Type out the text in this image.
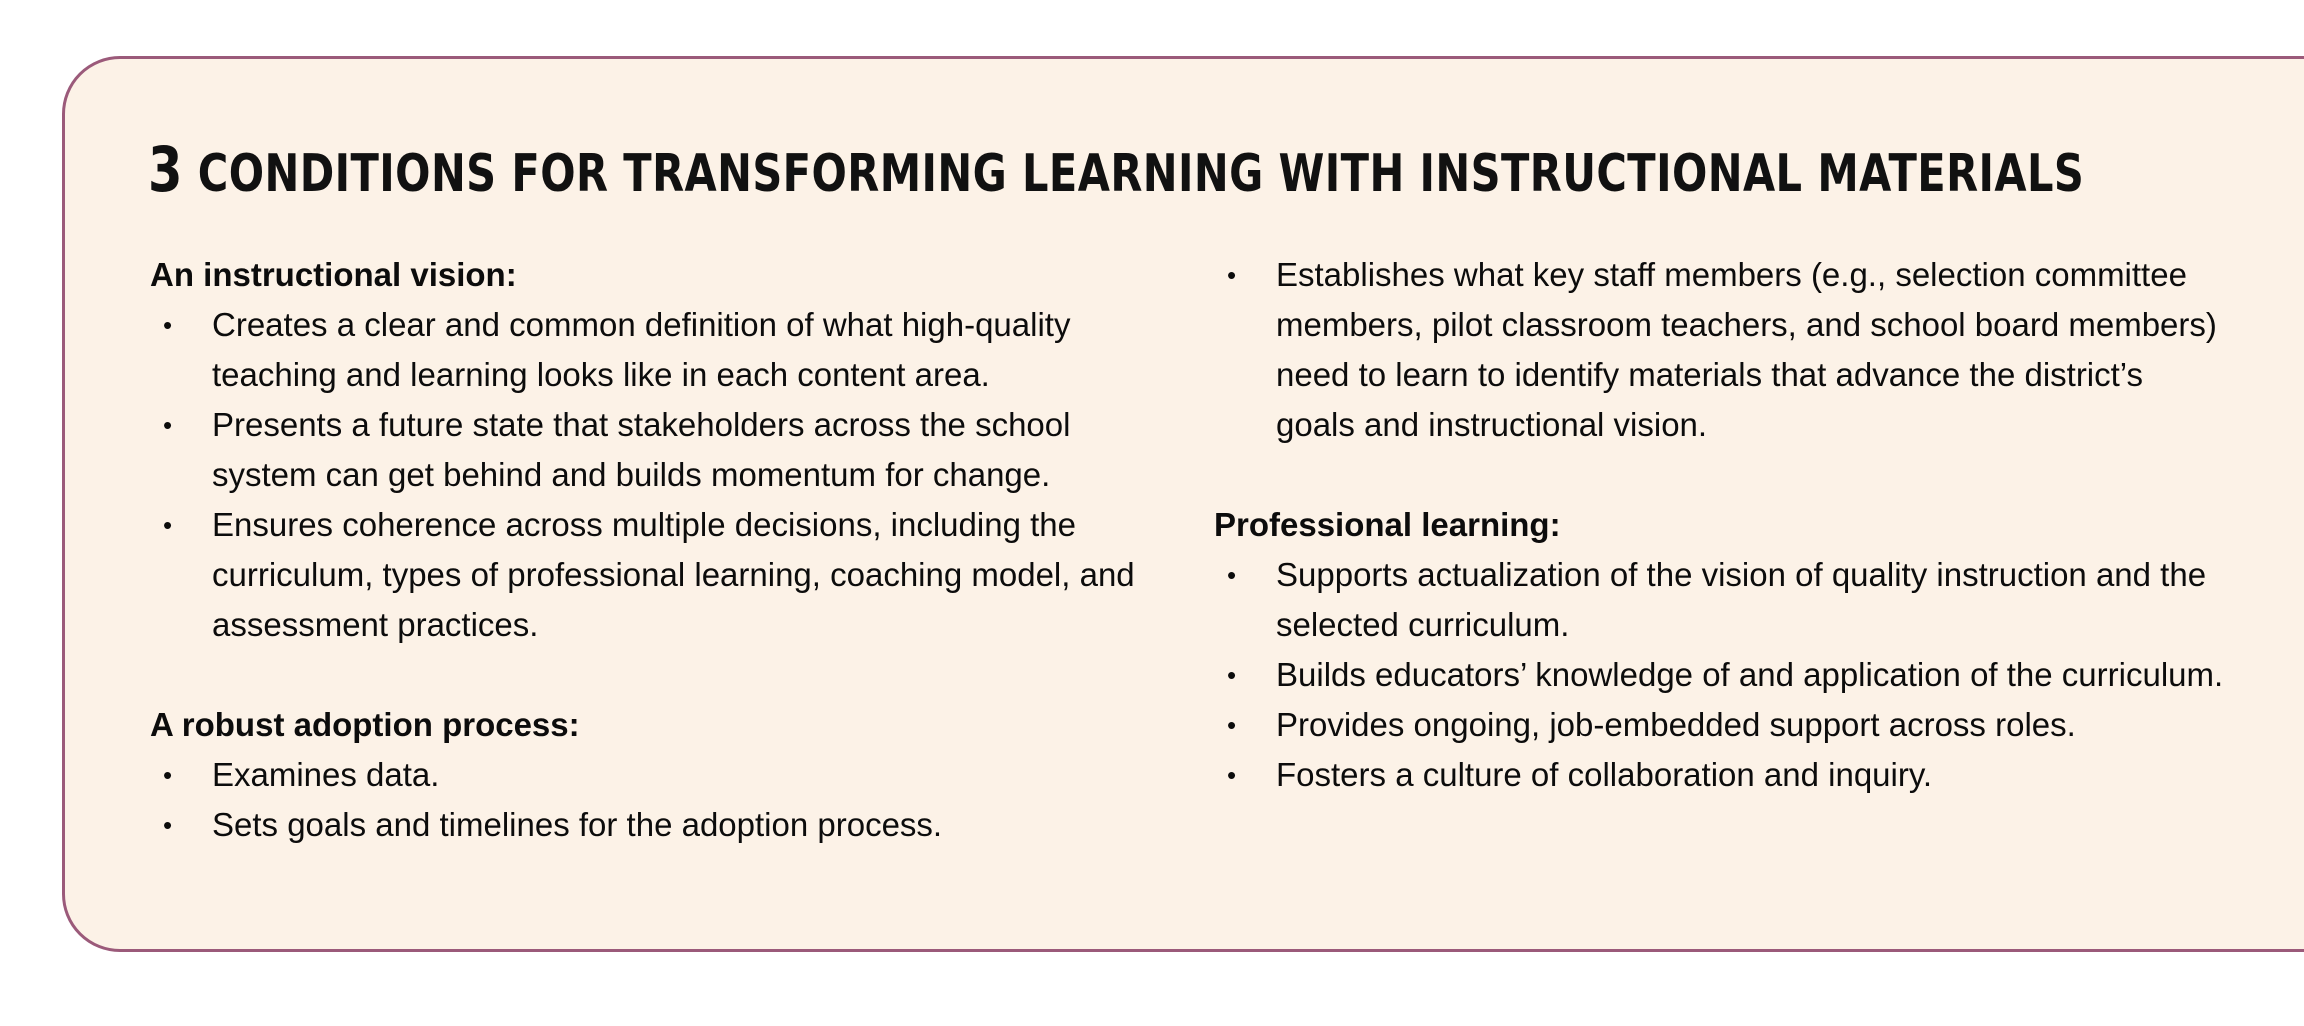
3 CONDITIONS FOR TRANSFORMING LEARNING WITH INSTRUCTIONAL MATERIALS

An instructional vision:

• Creates a clear and common definition of what high-quality teaching and learning looks like in each content area.
• Presents a future state that stakeholders across the school system can get behind and builds momentum for change.
• Ensures coherence across multiple decisions, including the curriculum, types of professional learning, coaching model, and assessment practices.

A robust adoption process:

• Examines data.
• Sets goals and timelines for the adoption process.
• Establishes what key staff members (e.g., selection committee members, pilot classroom teachers, and school board members) need to learn to identify materials that advance the district’s goals and instructional vision.

Professional learning:

• Supports actualization of the vision of quality instruction and the selected curriculum.
• Builds educators’ knowledge of and application of the curriculum.
• Provides ongoing, job-embedded support across roles.
• Fosters a culture of collaboration and inquiry.
